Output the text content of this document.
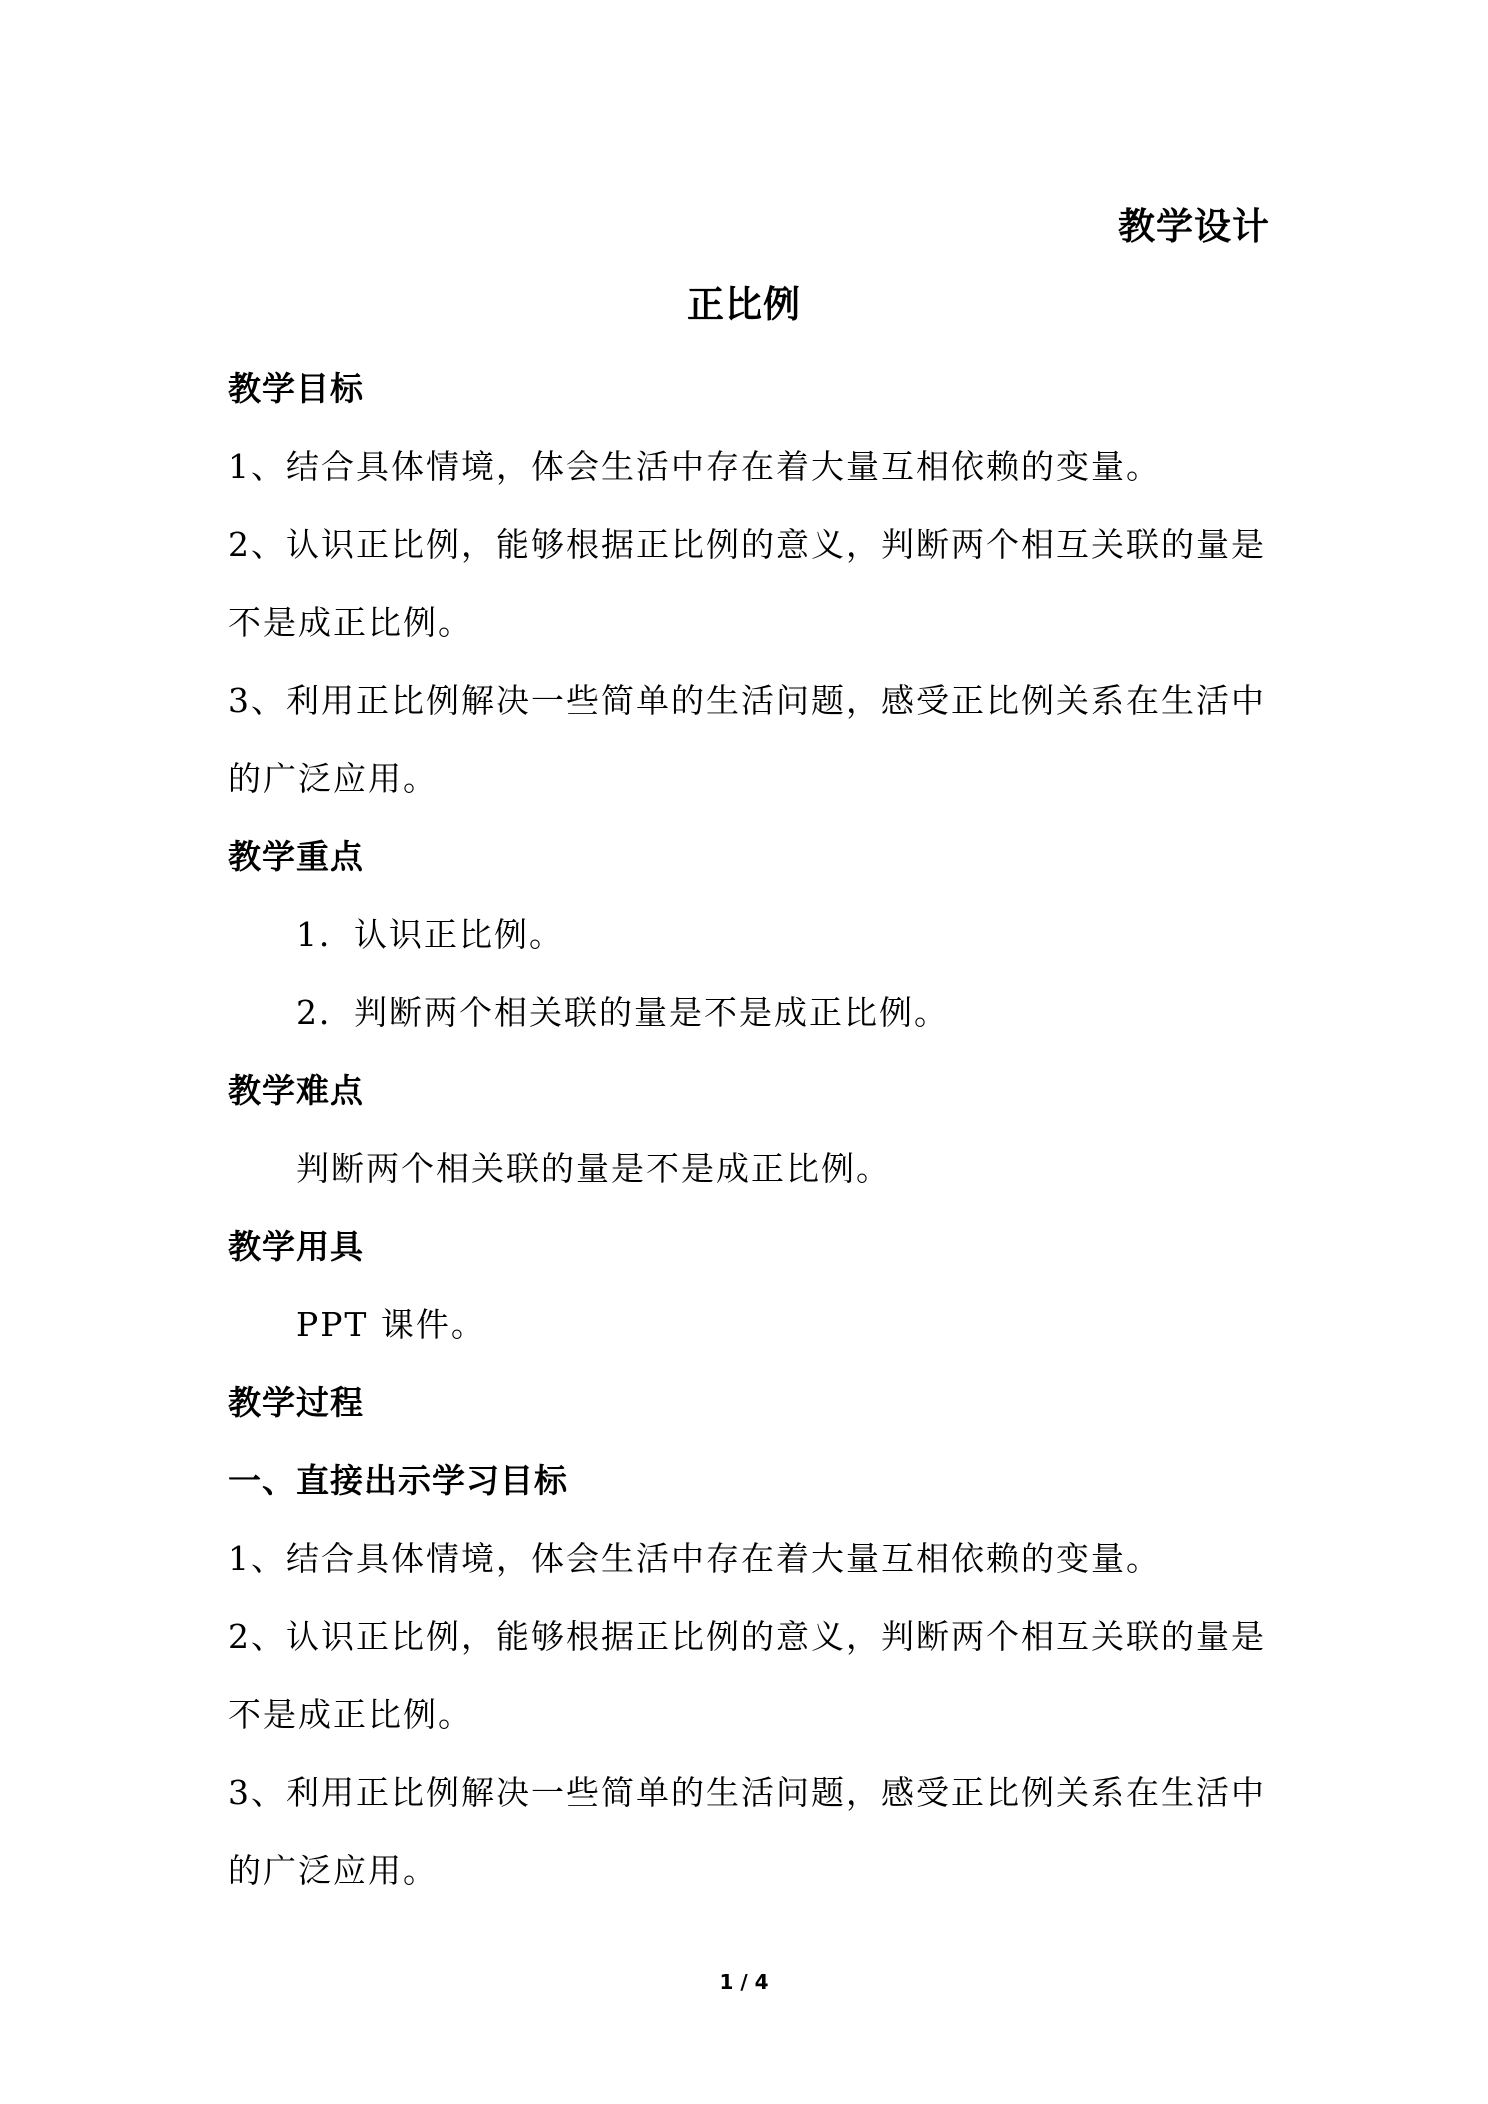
教学设计
正比例

教学目标

1、结合具体情境，体会生活中存在着大量互相依赖的变量。

2、认识正比例，能够根据正比例的意义，判断两个相互关联的量是不是成正比例。

3、利用正比例解决一些简单的生活问题，感受正比例关系在生活中的广泛应用。

教学重点

1．认识正比例。

2．判断两个相关联的量是不是成正比例。

教学难点

判断两个相关联的量是不是成正比例。

教学用具

PPT 课件。

教学过程

一、直接出示学习目标

1、结合具体情境，体会生活中存在着大量互相依赖的变量。

2、认识正比例，能够根据正比例的意义，判断两个相互关联的量是不是成正比例。

3、利用正比例解决一些简单的生活问题，感受正比例关系在生活中的广泛应用。

1 / 4
